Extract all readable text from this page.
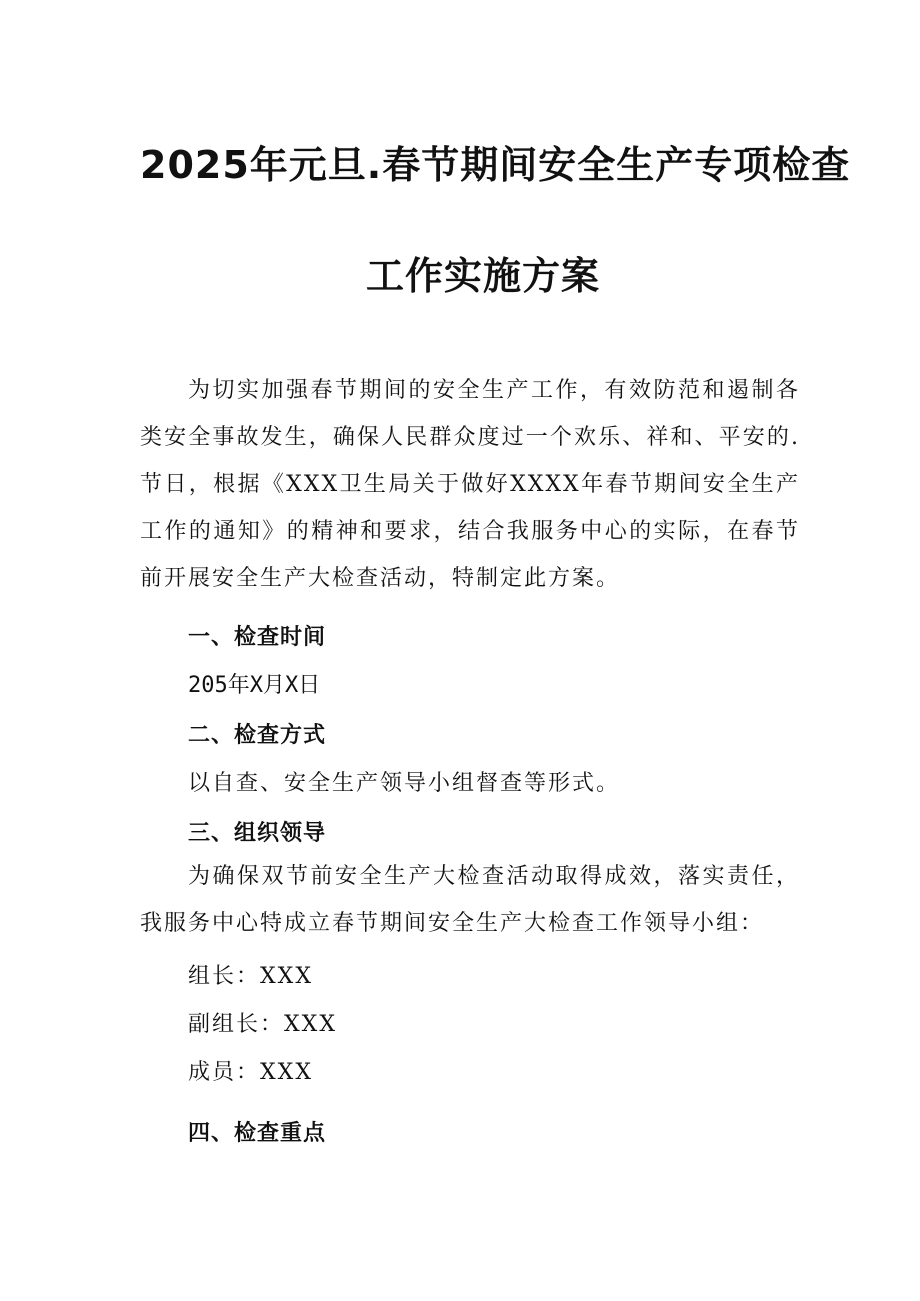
2025年元旦.春节期间安全生产专项检查
工作实施方案
为切实加强春节期间的安全生产工作，有效防范和遏制各类安全事故发生，确保人民群众度过一个欢乐、祥和、平安的.节日，根据《XXX卫生局关于做好XXXX年春节期间安全生产工作的通知》的精神和要求，结合我服务中心的实际，在春节前开展安全生产大检查活动，特制定此方案。
一、检查时间
205年X月X日
二、检查方式
以自查、安全生产领导小组督查等形式。
三、组织领导
为确保双节前安全生产大检查活动取得成效，落实责任，我服务中心特成立春节期间安全生产大检查工作领导小组：
组长：XXX
副组长：XXX
成员：XXX
四、检查重点
